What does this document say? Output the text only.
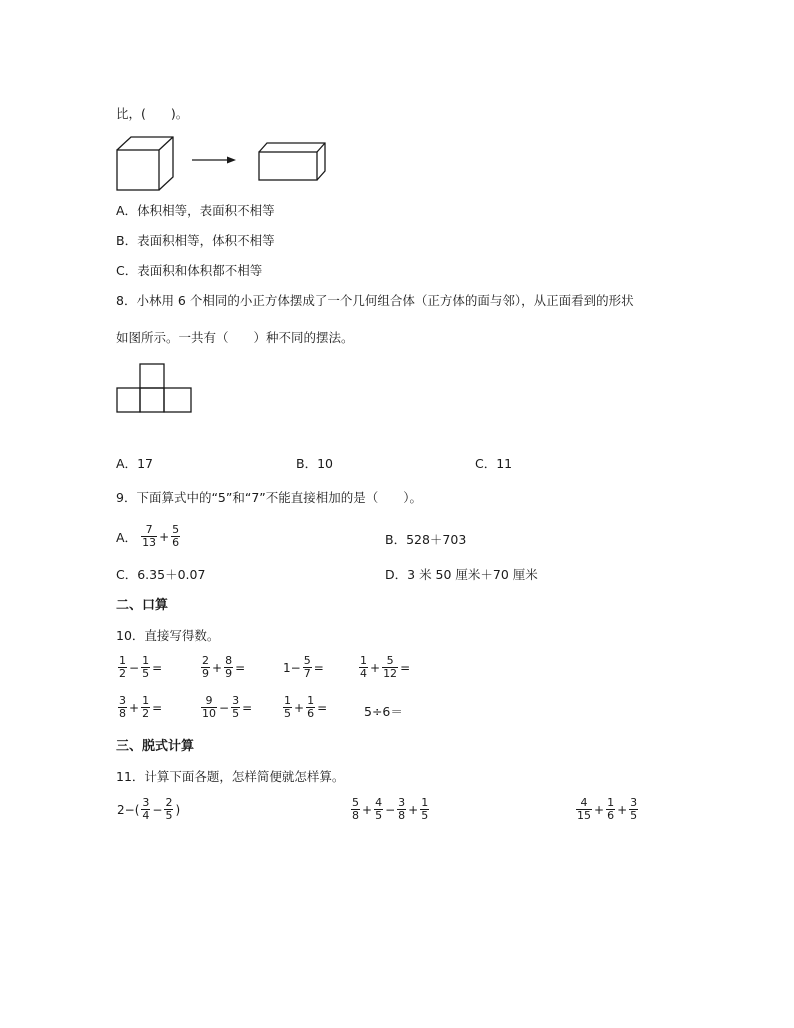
比，(　　)。
A．体积相等，表面积不相等
B．表面积相等，体积不相等
C．表面积和体积都不相等
8．小林用 6 个相同的小正方体摆成了一个几何组合体（正方体的面与邻），从正面看到的形状
如图所示。一共有（　　）种不同的摆法。
A．17	B．10	C．11
9．下面算式中的“5”和“7”不能直接相加的是（　　）。
A． $\frac{7}{13} + \frac{5}{6}$	B．528＋703
C．6.35＋0.07	D．3 米 50 厘米＋70 厘米
二、口算
10．直接写得数。
$\frac{1}{2} - \frac{1}{5}$ =	$\frac{2}{9} + \frac{8}{9}$ =	$1- \frac{5}{7}$ =	$\frac{1}{4} + \frac{5}{12}$ =
$\frac{3}{8} + \frac{1}{2}$ =	$\frac{9}{10} - \frac{3}{5}$ =	$\frac{1}{5} + \frac{1}{6}$ =	5÷6＝
三、脱式计算
11．计算下面各题，怎样简便就怎样算。
$2-( \frac{3}{4} - \frac{2}{5}$ )	$\frac{5}{8} + \frac{4}{5} - \frac{3}{8} + \frac{1}{5}$	$\frac{4}{15} + \frac{1}{6} + \frac{3}{5}$
